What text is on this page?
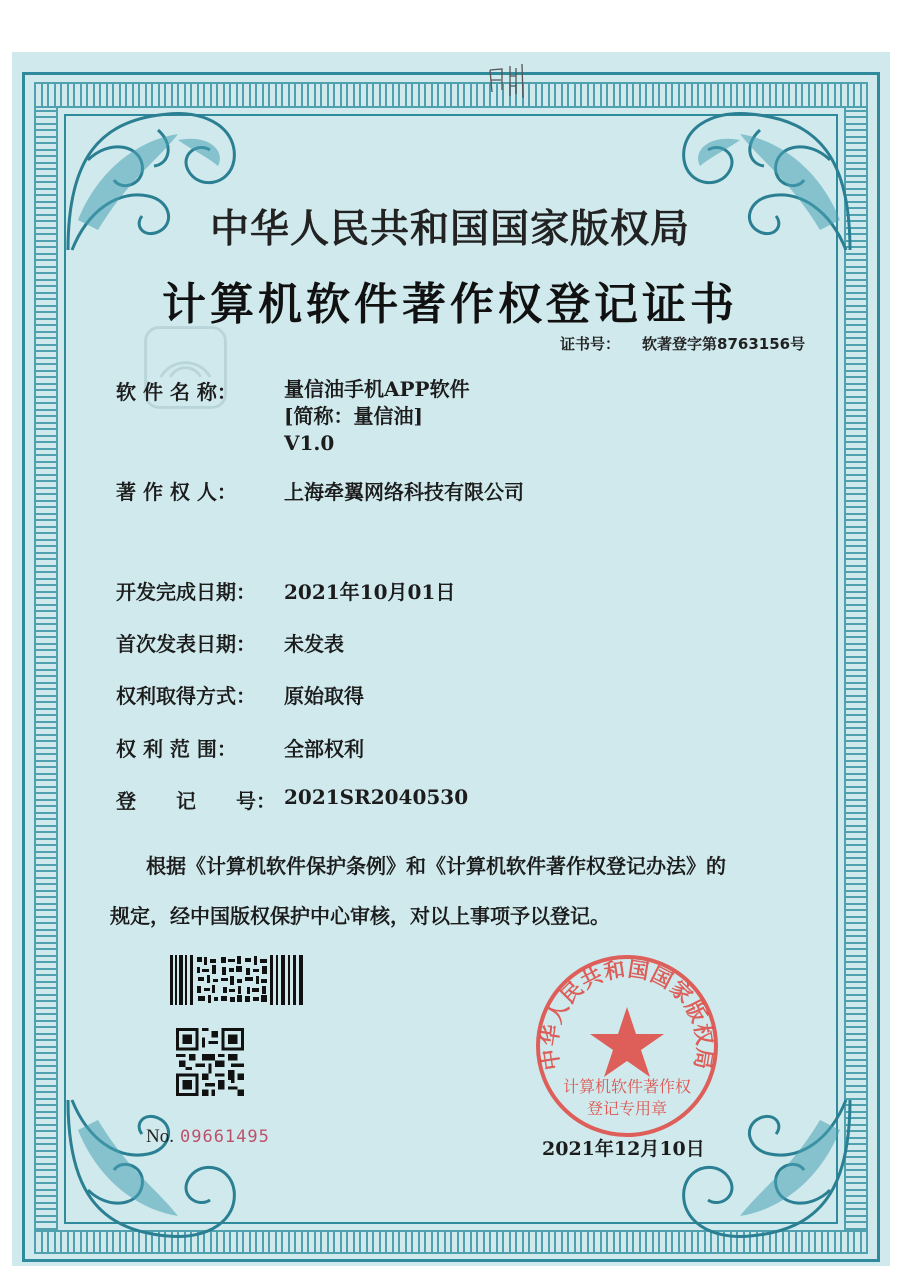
中华人民共和国国家版权局
计算机软件著作权登记证书
证书号： 软著登字第8763156号
软 件 名 称：	量信油手机APP软件
[简称：量信油]
V1.0
著 作 权 人：	上海牵翼网络科技有限公司
开发完成日期：	2021年10月01日
首次发表日期：	未发表
权利取得方式：	原始取得
权 利 范 围：	全部权利
登　　记　　号： 2021SR2040530
根据《计算机软件保护条例》和《计算机软件著作权登记办法》的
规定，经中国版权保护中心审核，对以上事项予以登记。
No. 09661495
中华人民共和国国家版权局
计算机软件著作权
登记专用章
2021年12月10日
